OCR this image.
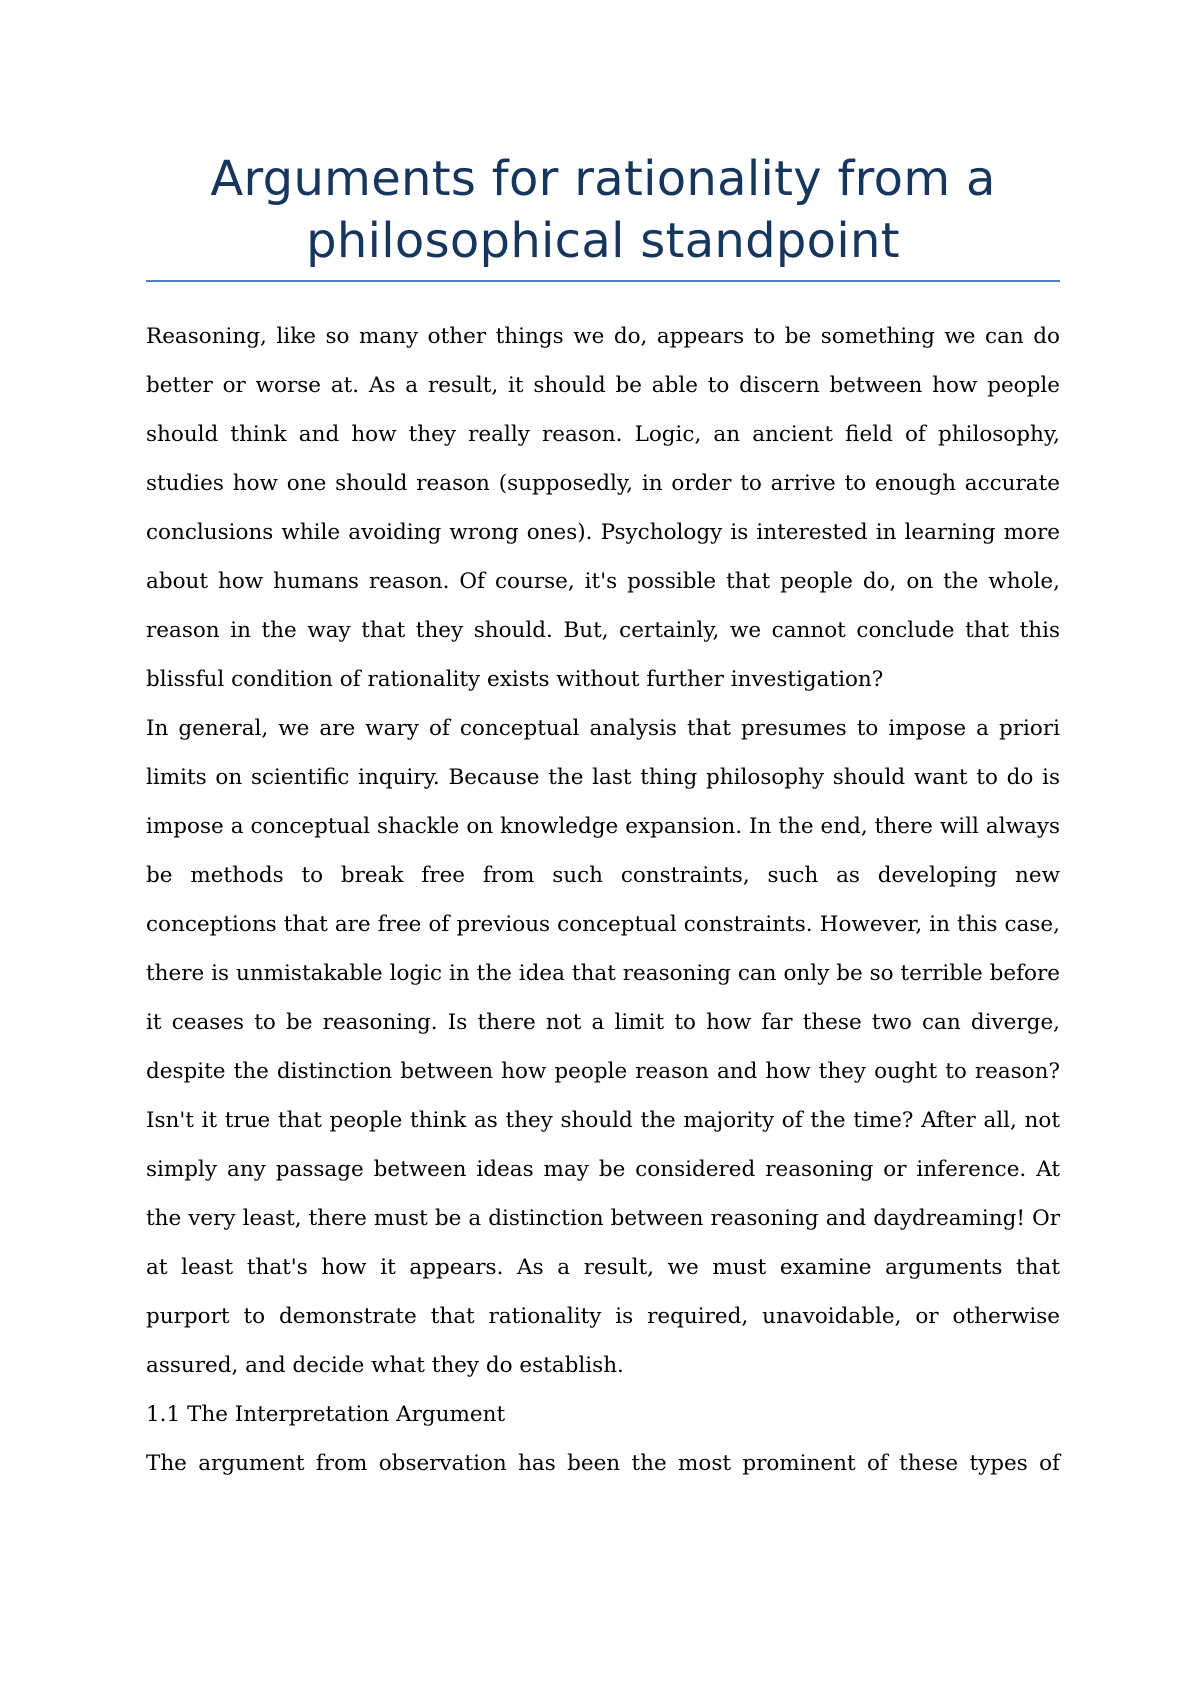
Arguments for rationality from a philosophical standpoint

Reasoning, like so many other things we do, appears to be something we can do better or worse at. As a result, it should be able to discern between how people should think and how they really reason. Logic, an ancient field of philosophy, studies how one should reason (supposedly, in order to arrive to enough accurate conclusions while avoiding wrong ones). Psychology is interested in learning more about how humans reason. Of course, it's possible that people do, on the whole, reason in the way that they should. But, certainly, we cannot conclude that this blissful condition of rationality exists without further investigation?

In general, we are wary of conceptual analysis that presumes to impose a priori limits on scientific inquiry. Because the last thing philosophy should want to do is impose a conceptual shackle on knowledge expansion. In the end, there will always be methods to break free from such constraints, such as developing new conceptions that are free of previous conceptual constraints. However, in this case, there is unmistakable logic in the idea that reasoning can only be so terrible before it ceases to be reasoning. Is there not a limit to how far these two can diverge, despite the distinction between how people reason and how they ought to reason? Isn't it true that people think as they should the majority of the time? After all, not simply any passage between ideas may be considered reasoning or inference. At the very least, there must be a distinction between reasoning and daydreaming! Or at least that's how it appears. As a result, we must examine arguments that purport to demonstrate that rationality is required, unavoidable, or otherwise assured, and decide what they do establish.

1.1 The Interpretation Argument

The argument from observation has been the most prominent of these types of
